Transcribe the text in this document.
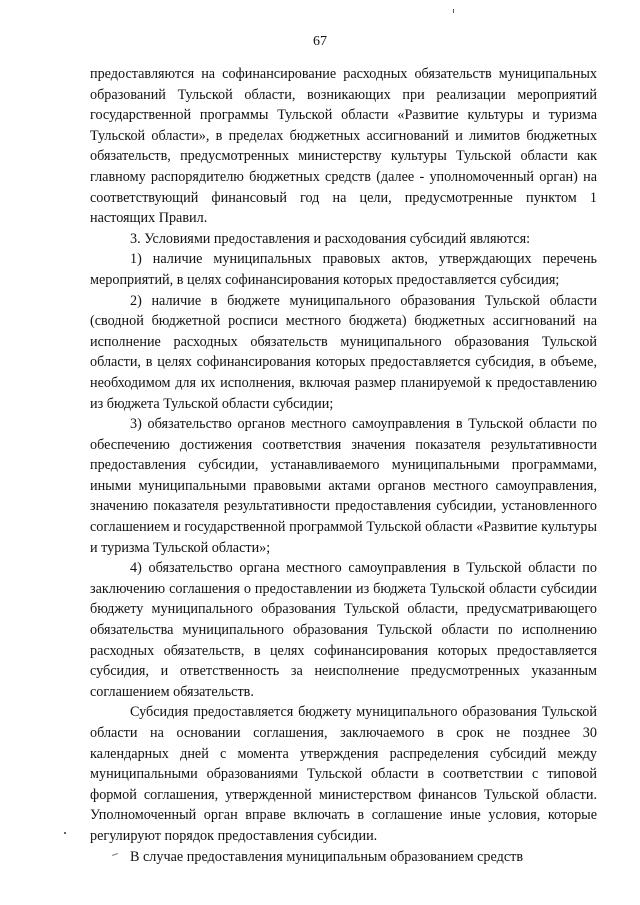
67

предоставляются на софинансирование расходных обязательств муниципальных образований Тульской области, возникающих при реализации мероприятий государственной программы Тульской области «Развитие культуры и туризма Тульской области», в пределах бюджетных ассигнований и лимитов бюджетных обязательств, предусмотренных министерству культуры Тульской области как главному распорядителю бюджетных средств (далее - уполномоченный орган) на соответствующий финансовый год на цели, предусмотренные пунктом 1 настоящих Правил.

3. Условиями предоставления и расходования субсидий являются:

1) наличие муниципальных правовых актов, утверждающих перечень мероприятий, в целях софинансирования которых предоставляется субсидия;

2) наличие в бюджете муниципального образования Тульской области (сводной бюджетной росписи местного бюджета) бюджетных ассигнований на исполнение расходных обязательств муниципального образования Тульской области, в целях софинансирования которых предоставляется субсидия, в объеме, необходимом для их исполнения, включая размер планируемой к предоставлению из бюджета Тульской области субсидии;

3) обязательство органов местного самоуправления в Тульской области по обеспечению достижения соответствия значения показателя результативности предоставления субсидии, устанавливаемого муниципальными программами, иными муниципальными правовыми актами органов местного самоуправления, значению показателя результативности предоставления субсидии, установленного соглашением и государственной программой Тульской области «Развитие культуры и туризма Тульской области»;

4) обязательство органа местного самоуправления в Тульской области по заключению соглашения о предоставлении из бюджета Тульской области субсидии бюджету муниципального образования Тульской области, предусматривающего обязательства муниципального образования Тульской области по исполнению расходных обязательств, в целях софинансирования которых предоставляется субсидия, и ответственность за неисполнение предусмотренных указанным соглашением обязательств.

Субсидия предоставляется бюджету муниципального образования Тульской области на основании соглашения, заключаемого в срок не позднее 30 календарных дней с момента утверждения распределения субсидий между муниципальными образованиями Тульской области в соответствии с типовой формой соглашения, утвержденной министерством финансов Тульской области. Уполномоченный орган вправе включать в соглашение иные условия, которые регулируют порядок предоставления субсидии.

В случае предоставления муниципальным образованием средств
